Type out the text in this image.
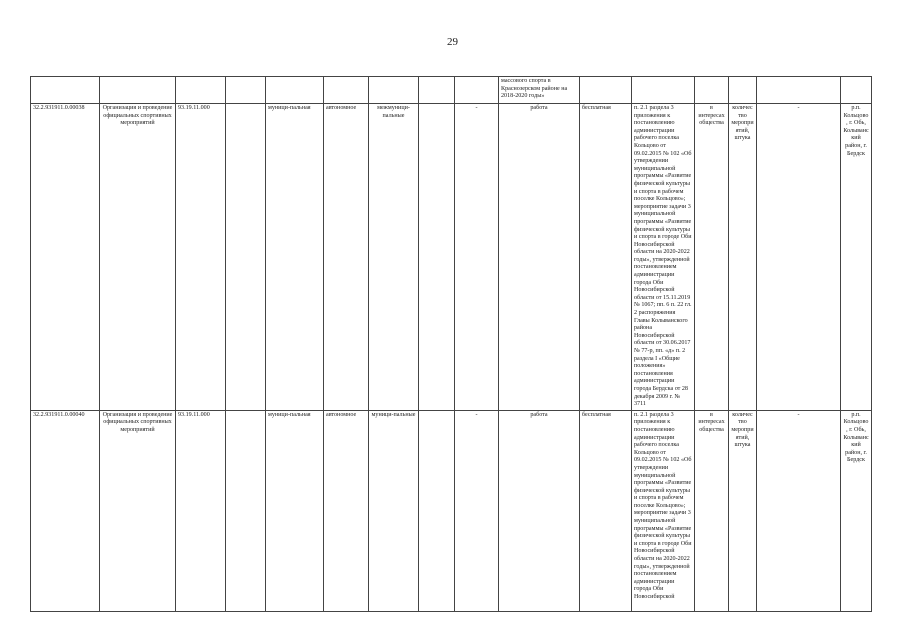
29
									массового спорта в Краснозерском районе на 2018-2020 годы»						
32.2.931911.0.00038	Организация и проведение официальных спортивных мероприятий	93.19.11.000		муници-пальная	автономное	межмуници-пальные		-	работа	бесплатная	п. 2.1 раздела 3 приложения к постановлению администрации рабочего поселка Кольцово от 09.02.2015 № 102 «Об утверждении муниципальной программы «Развитие физической культуры и спорта в рабочем поселке Кольцово»; мероприятие задачи 3 муниципальной программы «Развитие физической культуры и спорта в городе Оби Новосибирской области на 2020-2022 годы», утвержденной постановлением администрации города Оби Новосибирской области от 15.11.2019 № 1067; пп. 6 п. 22 гл. 2 распоряжения Главы Колыванского района Новосибирской области от 30.06.2017 № 77-р, пп. «д» п. 2 раздела I «Общие положения» постановления администрации города Бердска от 28 декабря 2009 г. № 3711	в интересах общества	количество мероприятий, штука	-	р.п. Кольцово, г. Обь, Колыванский район, г. Бердск
32.2.931911.0.00040	Организация и проведение официальных спортивных мероприятий	93.19.11.000		муници-пальная	автономное	муници-пальные		-	работа	бесплатная	п. 2.1 раздела 3 приложения к постановлению администрации рабочего поселка Кольцово от 09.02.2015 № 102 «Об утверждении муниципальной программы «Развитие физической культуры и спорта в рабочем поселке Кольцово»; мероприятие задачи 3 муниципальной программы «Развитие физической культуры и спорта в городе Оби Новосибирской области на 2020-2022 годы», утвержденной постановлением администрации города Оби Новосибирской	в интересах общества	количество мероприятий, штука	-	р.п. Кольцово, г. Обь, Колыванский район, г. Бердск
